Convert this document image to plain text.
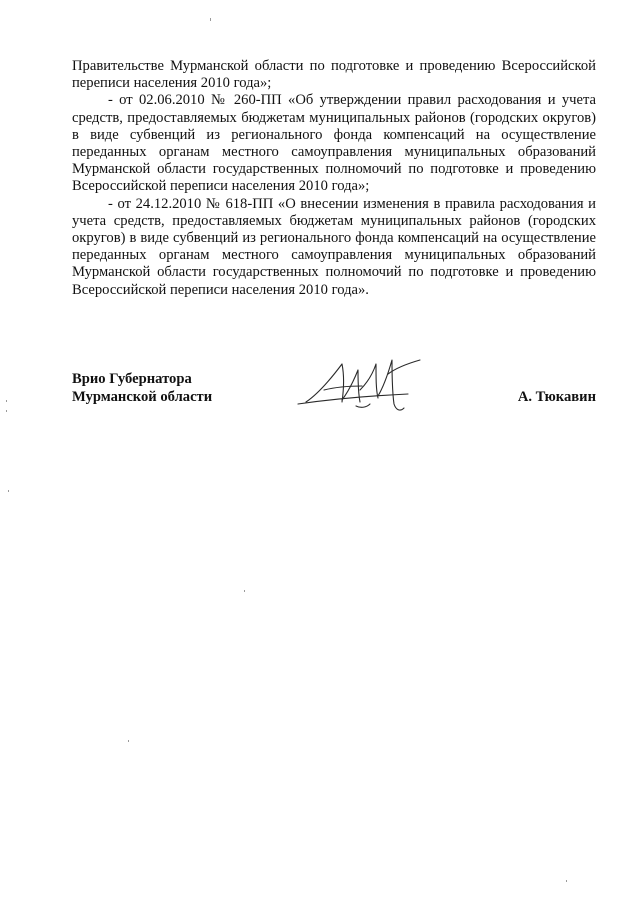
Правительстве Мурманской области по подготовке и проведению Всероссийской переписи населения 2010 года»;

- от 02.06.2010 № 260-ПП «Об утверждении правил расходования и учета средств, предоставляемых бюджетам муниципальных районов (городских округов) в виде субвенций из регионального фонда компенсаций на осуществление переданных органам местного самоуправления муниципальных образований Мурманской области государственных полномочий по подготовке и проведению Всероссийской переписи населения 2010 года»;

- от 24.12.2010 № 618-ПП «О внесении изменения в правила расходования и учета средств, предоставляемых бюджетам муниципальных районов (городских округов) в виде субвенций из регионального фонда компенсаций на осуществление переданных органам местного самоуправления муниципальных образований Мурманской области государственных полномочий по подготовке и проведению Всероссийской переписи населения 2010 года».

Врио Губернатора
Мурманской области	А. Тюкавин
